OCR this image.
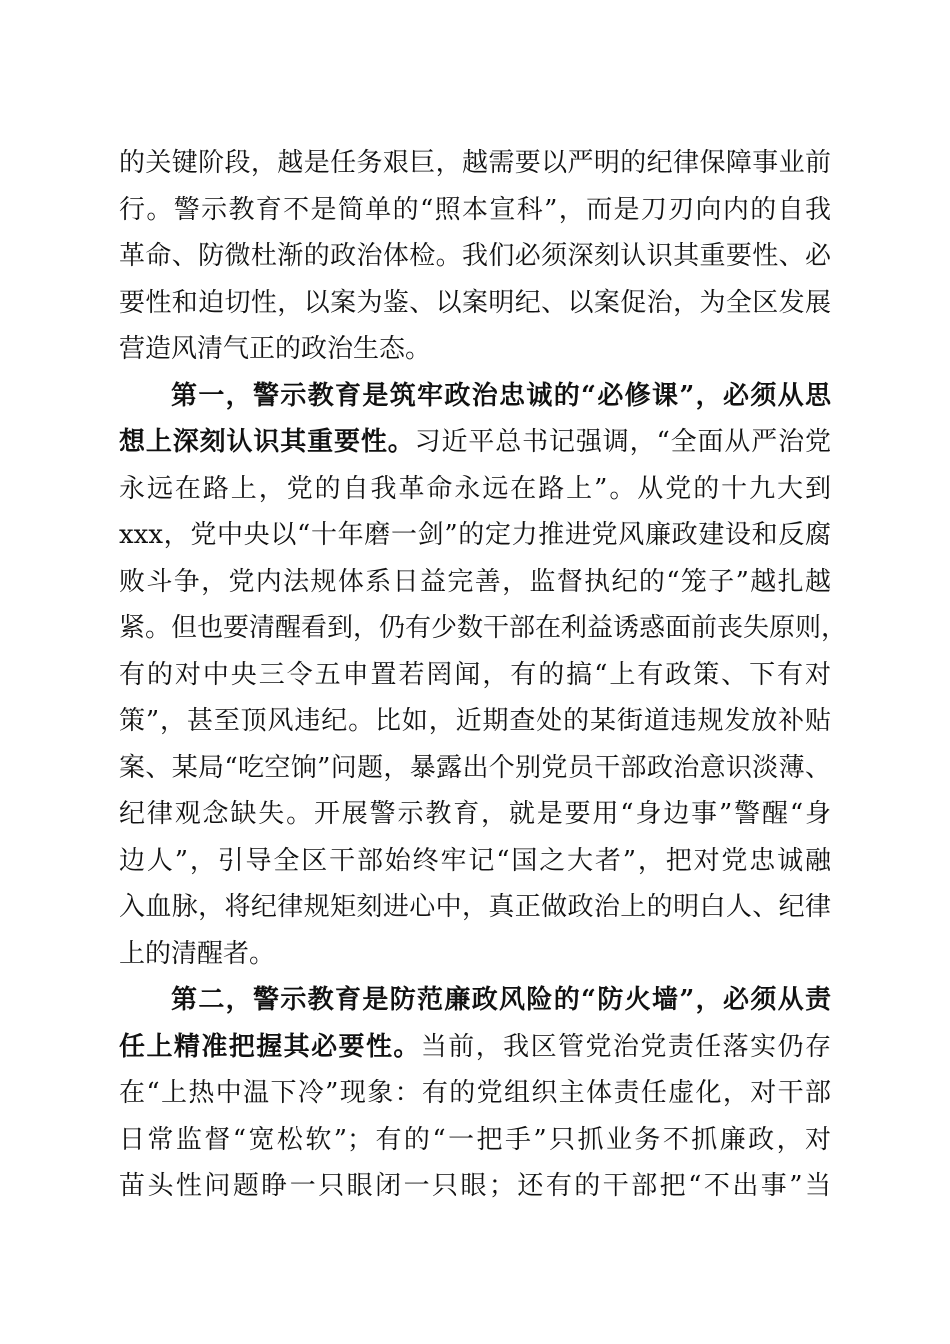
的关键阶段，越是任务艰巨，越需要以严明的纪律保障事业前
行。警示教育不是简单的“照本宣科”，而是刀刃向内的自我
革命、防微杜渐的政治体检。我们必须深刻认识其重要性、必
要性和迫切性，以案为鉴、以案明纪、以案促治，为全区发展
营造风清气正的政治生态。
第一，警示教育是筑牢政治忠诚的“必修课”，必须从思
想上深刻认识其重要性。习近平总书记强调，“全面从严治党
永远在路上，党的自我革命永远在路上”。从党的十九大到
xxx，党中央以“十年磨一剑”的定力推进党风廉政建设和反腐
败斗争，党内法规体系日益完善，监督执纪的“笼子”越扎越
紧。但也要清醒看到，仍有少数干部在利益诱惑面前丧失原则，
有的对中央三令五申置若罔闻，有的搞“上有政策、下有对
策”，甚至顶风违纪。比如，近期查处的某街道违规发放补贴
案、某局“吃空饷”问题，暴露出个别党员干部政治意识淡薄、
纪律观念缺失。开展警示教育，就是要用“身边事”警醒“身
边人”，引导全区干部始终牢记“国之大者”，把对党忠诚融
入血脉，将纪律规矩刻进心中，真正做政治上的明白人、纪律
上的清醒者。
第二，警示教育是防范廉政风险的“防火墙”，必须从责
任上精准把握其必要性。当前，我区管党治党责任落实仍存
在“上热中温下冷”现象：有的党组织主体责任虚化，对干部
日常监督“宽松软”；有的“一把手”只抓业务不抓廉政，对
苗头性问题睁一只眼闭一只眼；还有的干部把“不出事”当
